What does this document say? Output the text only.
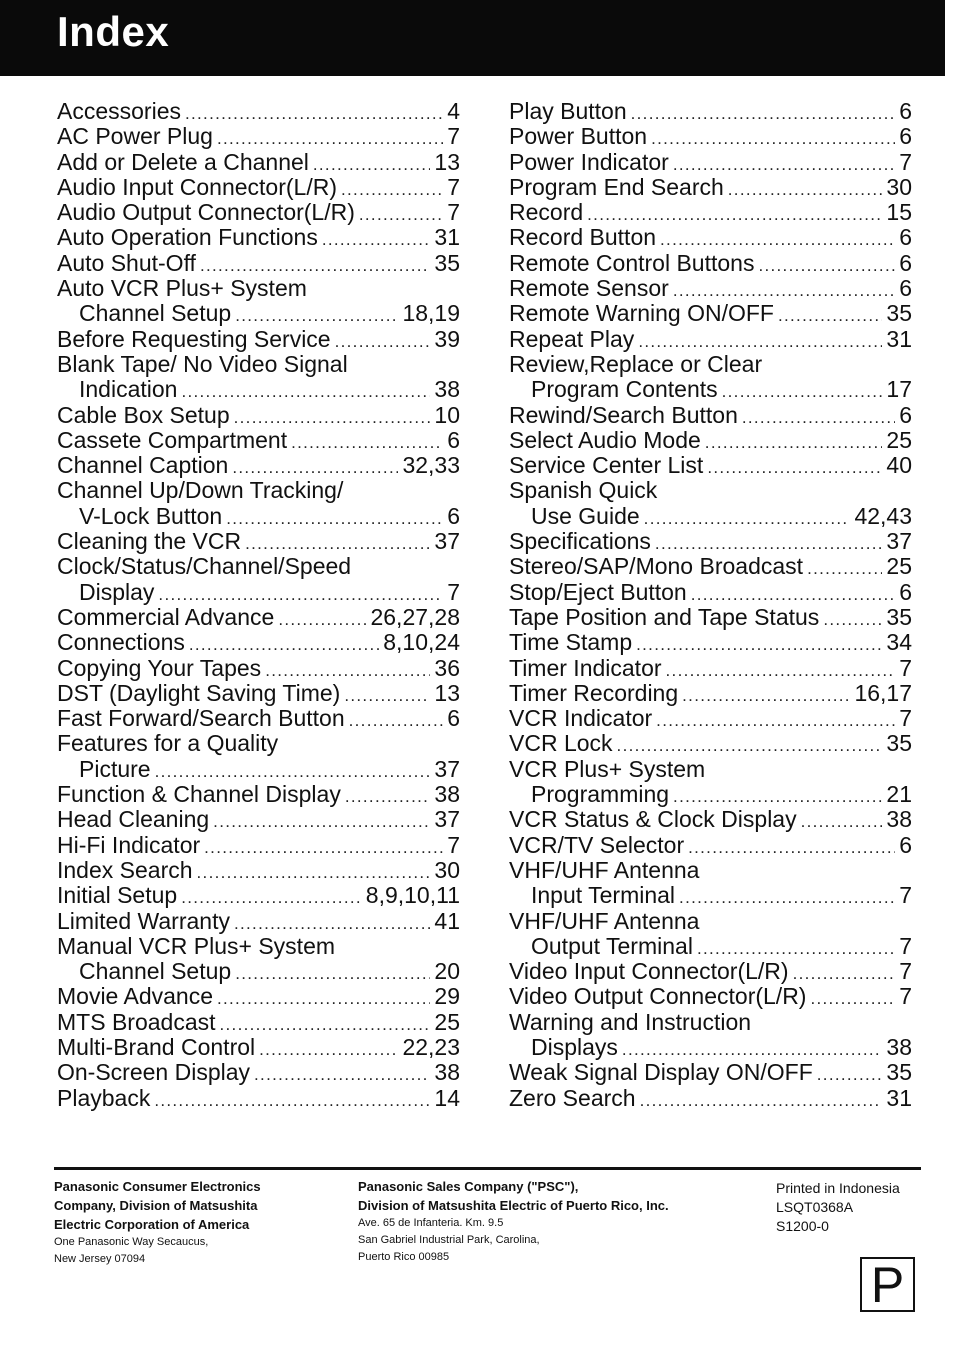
Index
Accessories .....	4
AC Power Plug .....	7
Add or Delete a Channel .....	13
Audio Input Connector(L/R) .....	7
Audio Output Connector(L/R) .....	7
Auto Operation Functions .....	31
Auto Shut-Off .....	35
Auto VCR Plus+ System
Channel Setup .....	18,19
Before Requesting Service .....	39
Blank Tape/ No Video Signal
Indication .....	38
Cable Box Setup .....	10
Cassete Compartment .....	6
Channel Caption .....	32,33
Channel Up/Down Tracking/
V-Lock Button .....	6
Cleaning the VCR .....	37
Clock/Status/Channel/Speed
Display .....	7
Commercial Advance .....	26,27,28
Connections .....	8,10,24
Copying Your Tapes .....	36
DST (Daylight Saving Time) .....	13
Fast Forward/Search Button .....	6
Features for a Quality
Picture .....	37
Function & Channel Display .....	38
Head Cleaning .....	37
Hi-Fi Indicator .....	7
Index Search .....	30
Initial Setup .....	8,9,10,11
Limited Warranty .....	41
Manual VCR Plus+ System
Channel Setup .....	20
Movie Advance .....	29
MTS Broadcast .....	25
Multi-Brand Control .....	22,23
On-Screen Display .....	38
Playback .....	14
Play Button .....	6
Power Button .....	6
Power Indicator .....	7
Program End Search .....	30
Record .....	15
Record Button .....	6
Remote Control Buttons .....	6
Remote Sensor .....	6
Remote Warning ON/OFF .....	35
Repeat Play .....	31
Review,Replace or Clear
Program Contents .....	17
Rewind/Search Button .....	6
Select Audio Mode .....	25
Service Center List .....	40
Spanish Quick
Use Guide .....	42,43
Specifications .....	37
Stereo/SAP/Mono Broadcast .....	25
Stop/Eject Button .....	6
Tape Position and Tape Status .....	35
Time Stamp .....	34
Timer Indicator .....	7
Timer Recording .....	16,17
VCR Indicator .....	7
VCR Lock .....	35
VCR Plus+ System
Programming .....	21
VCR Status & Clock Display .....	38
VCR/TV Selector .....	6
VHF/UHF Antenna
Input Terminal .....	7
VHF/UHF Antenna
Output Terminal .....	7
Video Input Connector(L/R) .....	7
Video Output Connector(L/R) .....	7
Warning and Instruction
Displays .....	38
Weak Signal Display ON/OFF .....	35
Zero Search .....	31
Panasonic Consumer Electronics
Company, Division of Matsushita
Electric Corporation of America
One Panasonic Way Secaucus,
New Jersey 07094
Panasonic Sales Company ("PSC"),
Division of Matsushita Electric of Puerto Rico, Inc.
Ave. 65 de Infanteria. Km. 9.5
San Gabriel Industrial Park, Carolina,
Puerto Rico 00985
Printed in Indonesia
LSQT0368A
S1200-0
P
